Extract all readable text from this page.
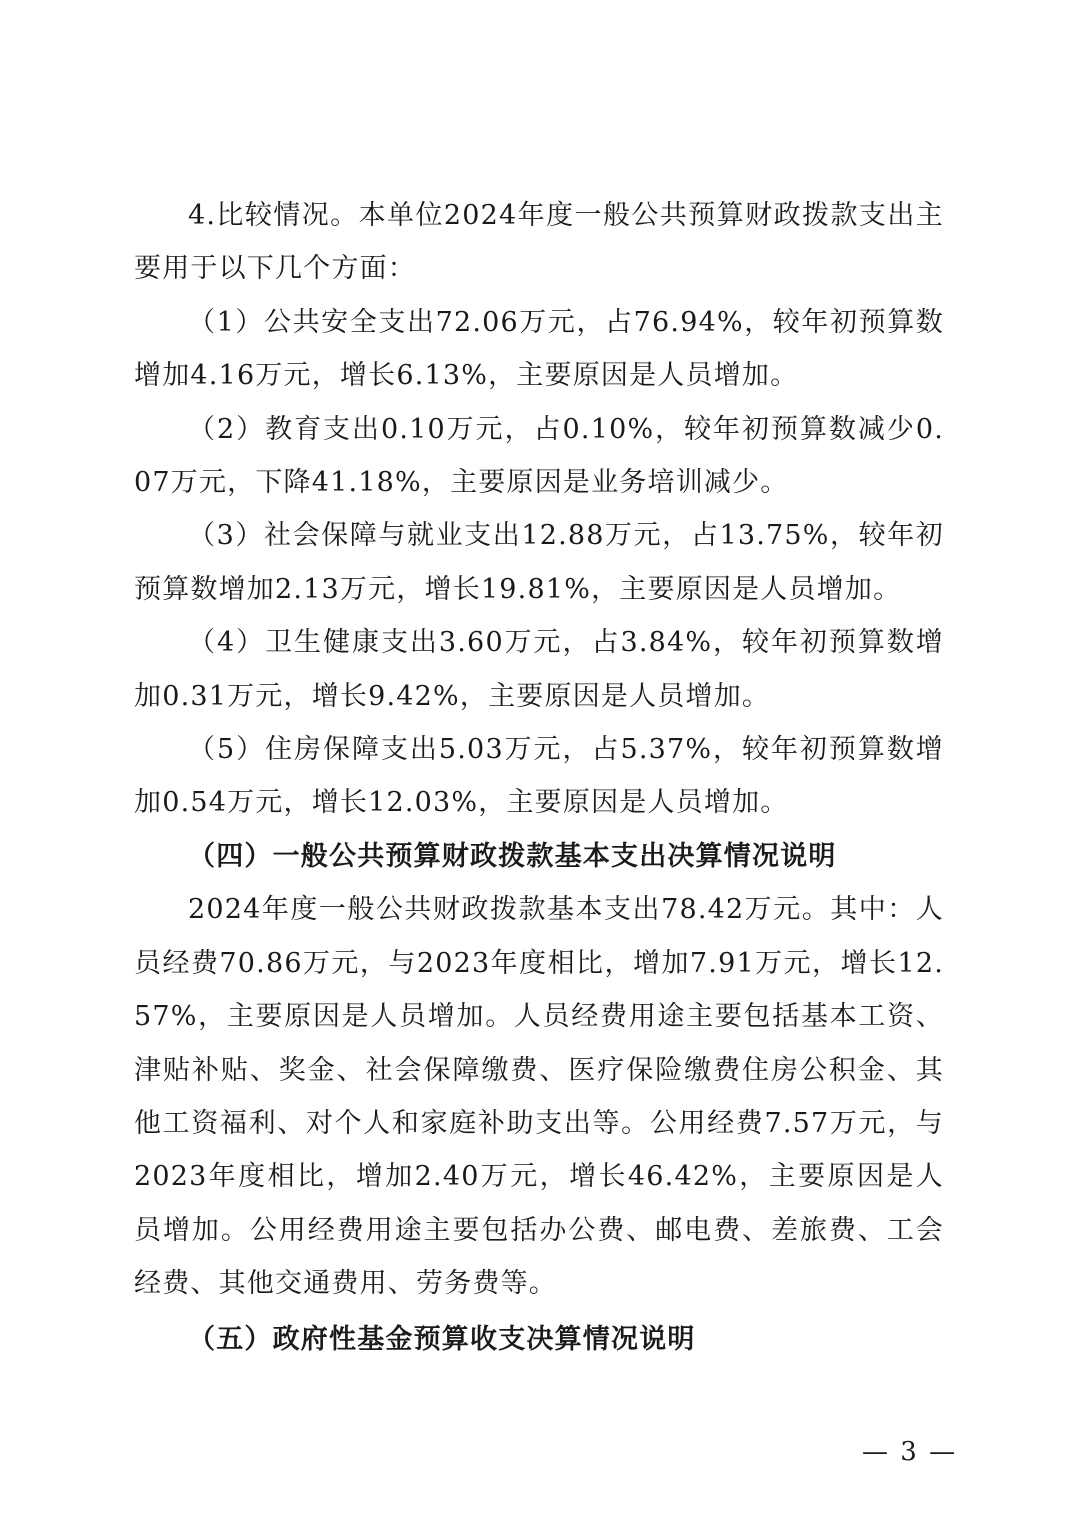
4.比较情况。本单位2024年度一般公共预算财政拨款支出主要用于以下几个方面：

（1）公共安全支出72.06万元，占76.94%，较年初预算数增加4.16万元，增长6.13%，主要原因是人员增加。

（2）教育支出0.10万元，占0.10%，较年初预算数减少0.07万元，下降41.18%，主要原因是业务培训减少。

（3）社会保障与就业支出12.88万元，占13.75%，较年初预算数增加2.13万元，增长19.81%，主要原因是人员增加。

（4）卫生健康支出3.60万元，占3.84%，较年初预算数增加0.31万元，增长9.42%，主要原因是人员增加。

（5）住房保障支出5.03万元，占5.37%，较年初预算数增加0.54万元，增长12.03%，主要原因是人员增加。

（四）一般公共预算财政拨款基本支出决算情况说明

2024年度一般公共财政拨款基本支出78.42万元。其中：人员经费70.86万元，与2023年度相比，增加7.91万元，增长12.57%，主要原因是人员增加。人员经费用途主要包括基本工资、津贴补贴、奖金、社会保障缴费、医疗保险缴费住房公积金、其他工资福利、对个人和家庭补助支出等。公用经费7.57万元，与2023年度相比，增加2.40万元，增长46.42%，主要原因是人员增加。公用经费用途主要包括办公费、邮电费、差旅费、工会经费、其他交通费用、劳务费等。

（五）政府性基金预算收支决算情况说明

— 3 —
